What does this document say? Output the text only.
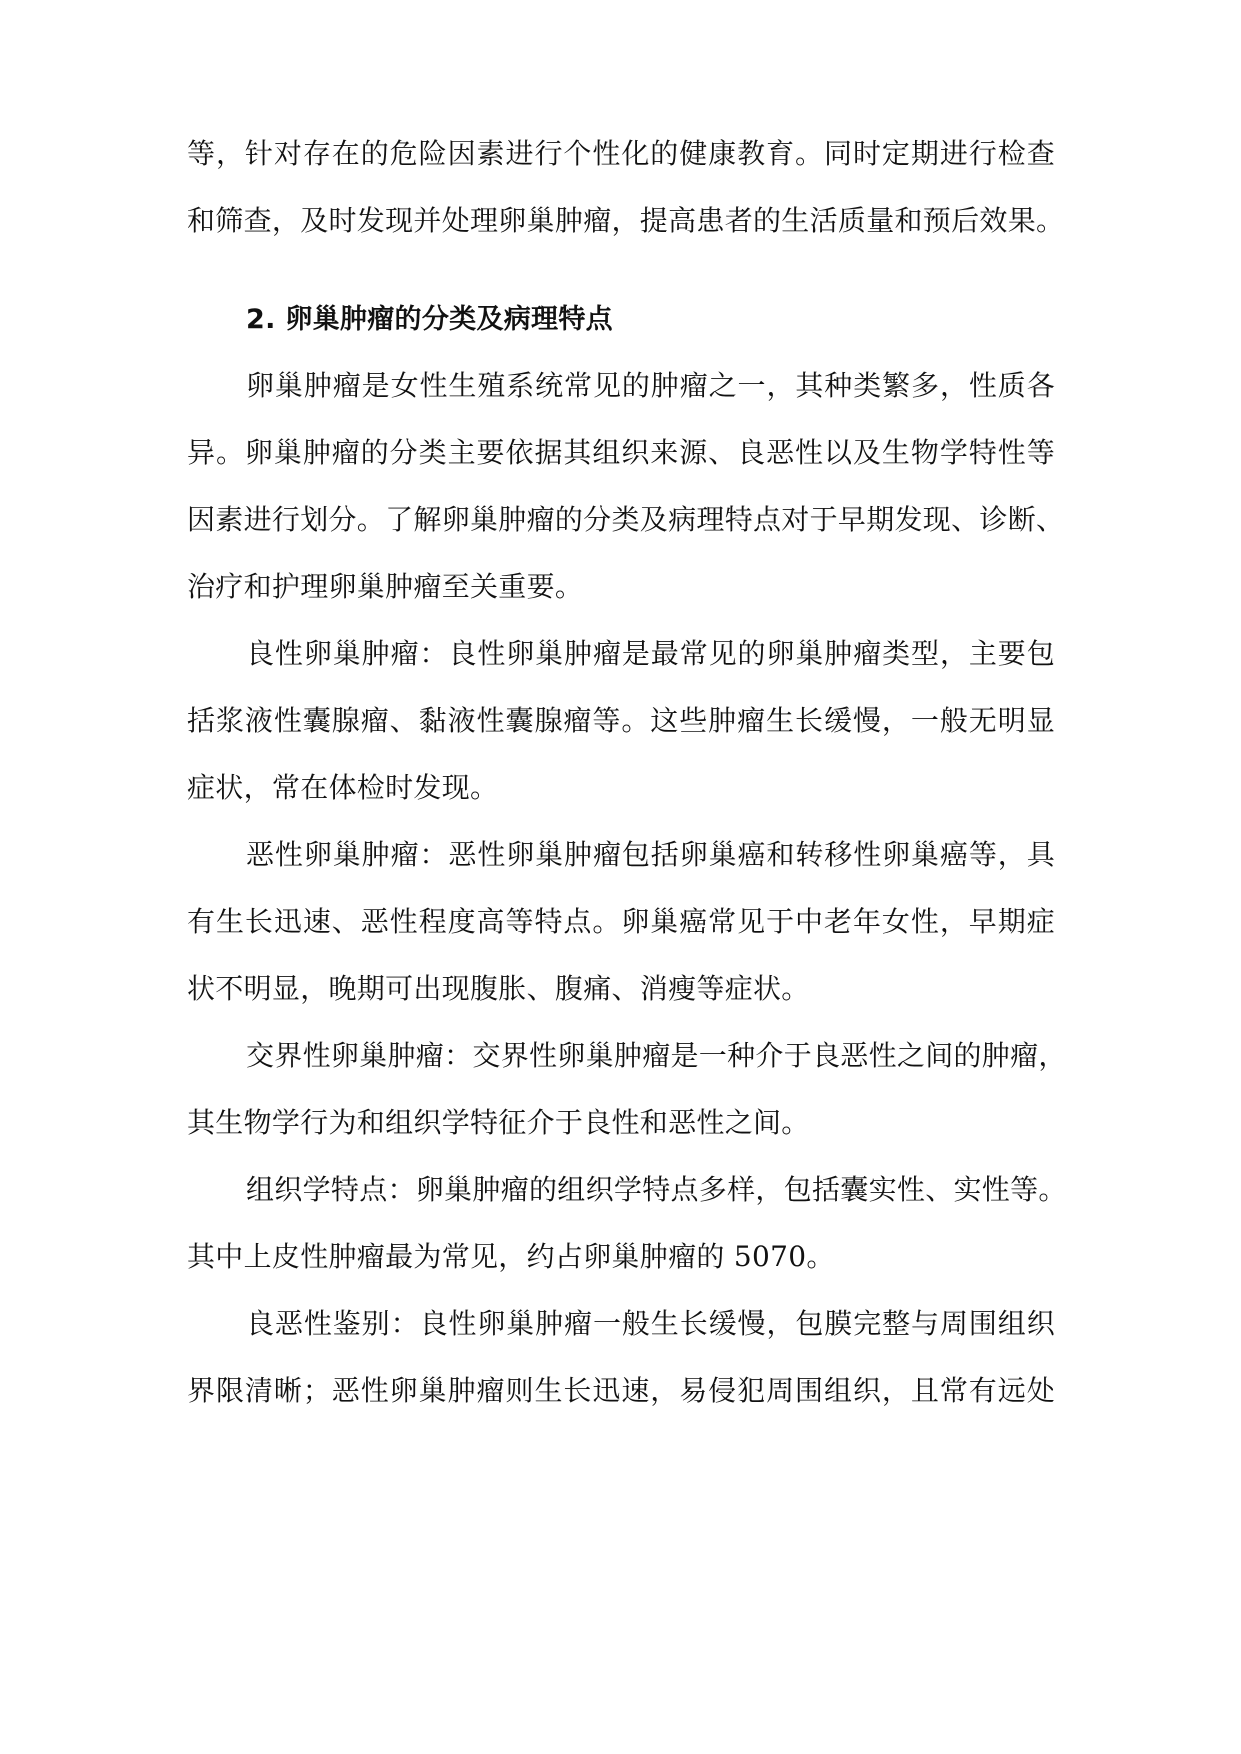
等，针对存在的危险因素进行个性化的健康教育。同时定期进行检查
和筛查，及时发现并处理卵巢肿瘤，提高患者的生活质量和预后效果。
2. 卵巢肿瘤的分类及病理特点
卵巢肿瘤是女性生殖系统常见的肿瘤之一，其种类繁多，性质各
异。卵巢肿瘤的分类主要依据其组织来源、良恶性以及生物学特性等
因素进行划分。了解卵巢肿瘤的分类及病理特点对于早期发现、诊断、
治疗和护理卵巢肿瘤至关重要。
良性卵巢肿瘤：良性卵巢肿瘤是最常见的卵巢肿瘤类型，主要包
括浆液性囊腺瘤、黏液性囊腺瘤等。这些肿瘤生长缓慢，一般无明显
症状，常在体检时发现。
恶性卵巢肿瘤：恶性卵巢肿瘤包括卵巢癌和转移性卵巢癌等，具
有生长迅速、恶性程度高等特点。卵巢癌常见于中老年女性，早期症
状不明显，晚期可出现腹胀、腹痛、消瘦等症状。
交界性卵巢肿瘤：交界性卵巢肿瘤是一种介于良恶性之间的肿瘤，
其生物学行为和组织学特征介于良性和恶性之间。
组织学特点：卵巢肿瘤的组织学特点多样，包括囊实性、实性等。
其中上皮性肿瘤最为常见，约占卵巢肿瘤的 5070。
良恶性鉴别：良性卵巢肿瘤一般生长缓慢，包膜完整与周围组织
界限清晰；恶性卵巢肿瘤则生长迅速，易侵犯周围组织，且常有远处
